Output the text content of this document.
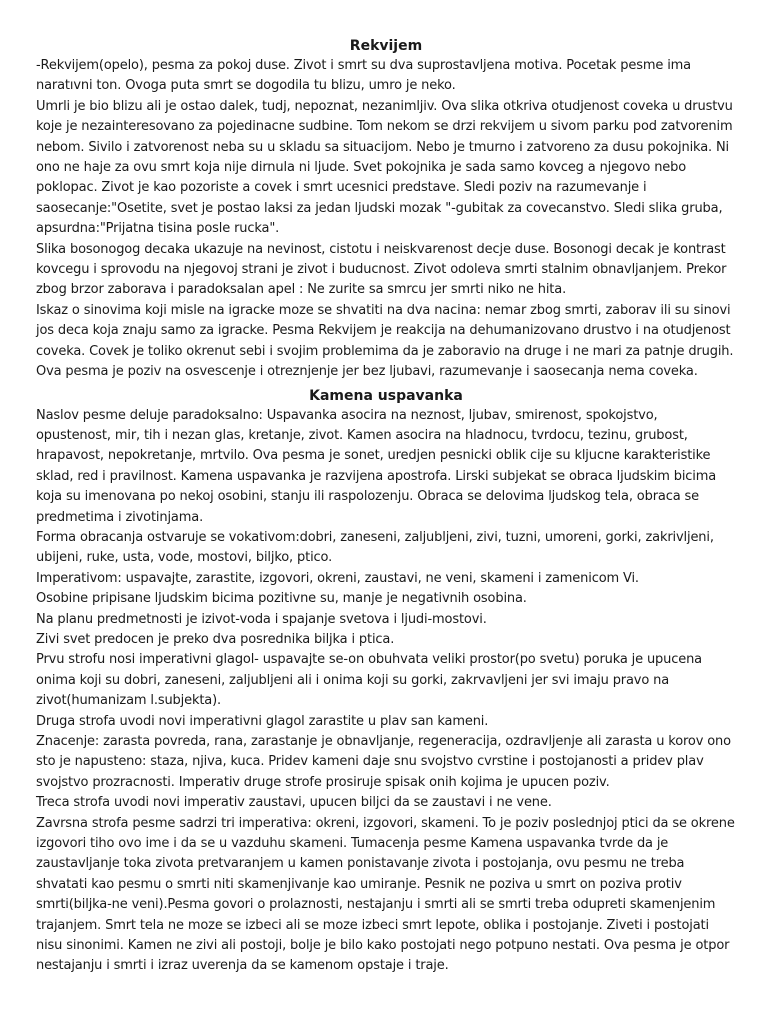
Rekvijem

-Rekvijem(opelo), pesma za pokoj duse. Zivot i smrt su dva suprostavljena motiva. Pocetak pesme ima naratıvni ton. Ovoga puta smrt se dogodila tu blizu, umro je neko.

Umrli je bio blizu ali je ostao dalek, tudj, nepoznat, nezanimljiv. Ova slika otkriva otudjenost coveka u drustvu koje je nezainteresovano za pojedinacne sudbine. Tom nekom se drzi rekvijem u sivom parku pod zatvorenim nebom. Sivilo i zatvorenost neba su u skladu sa situacijom. Nebo je tmurno i zatvoreno za dusu pokojnika. Ni ono ne haje za ovu smrt koja nije dirnula ni ljude. Svet pokojnika je sada samo kovceg a njegovo nebo poklopac. Zivot je kao pozoriste a covek i smrt ucesnici predstave. Sledi poziv na razumevanje i saosecanje:"Osetite, svet je postao laksi za jedan ljudski mozak "-gubitak za covecanstvo. Sledi slika gruba, apsurdna:"Prijatna tisina posle rucka".

Slika bosonogog decaka ukazuje na nevinost, cistotu i neiskvarenost decje duse. Bosonogi decak je kontrast kovcegu i sprovodu na njegovoj strani je zivot i buducnost. Zivot odoleva smrti stalnim obnavljanjem. Prekor zbog brzor zaborava i paradoksalan apel : Ne zurite sa smrcu jer smrti niko ne hita.

Iskaz o sinovima koji misle na igracke moze se shvatiti na dva nacina: nemar zbog smrti, zaborav ili su sinovi jos deca koja znaju samo za igracke. Pesma Rekvijem je reakcija na dehumanizovano drustvo i na otudjenost coveka. Covek je toliko okrenut sebi i svojim problemima da je zaboravio na druge i ne mari za patnje drugih. Ova pesma je poziv na osvescenje i otreznjenje jer bez ljubavi, razumevanje i saosecanja nema coveka.

Kamena uspavanka

Naslov pesme deluje paradoksalno: Uspavanka asocira na neznost, ljubav, smirenost, spokojstvo, opustenost, mir, tih i nezan glas, kretanje, zivot. Kamen asocira na hladnocu, tvrdocu, tezinu, grubost, hrapavost, nepokretanje, mrtvilo. Ova pesma je sonet, uredjen pesnicki oblik cije su kljucne karakteristike sklad, red i pravilnost. Kamena uspavanka je razvijena apostrofa. Lirski subjekat se obraca ljudskim bicima koja su imenovana po nekoj osobini, stanju ili raspolozenju. Obraca se delovima ljudskog tela, obraca se predmetima i zivotinjama.

Forma obracanja ostvaruje se vokativom:dobri, zaneseni, zaljubljeni, zivi, tuzni, umoreni, gorki, zakrivljeni, ubijeni, ruke, usta, vode, mostovi, biljko, ptico.

Imperativom: uspavajte, zarastite, izgovori, okreni, zaustavi, ne veni, skameni i zamenicom Vi.

Osobine pripisane ljudskim bicima pozitivne su, manje je negativnih osobina.

Na planu predmetnosti je izivot-voda i spajanje svetova i ljudi-mostovi.

Zivi svet predocen je preko dva posrednika biljka i ptica.

Prvu strofu nosi imperativni glagol- uspavajte se-on obuhvata veliki prostor(po svetu) poruka je upucena onima koji su dobri, zaneseni, zaljubljeni ali i onima koji su gorki, zakrvavljeni jer svi imaju pravo na zivot(humanizam l.subjekta).

Druga strofa uvodi novi imperativni glagol zarastite u plav san kameni.

Znacenje: zarasta povreda, rana, zarastanje je obnavljanje, regeneracija, ozdravljenje ali zarasta u korov ono sto je napusteno: staza, njiva, kuca. Pridev kameni daje snu svojstvo cvrstine i postojanosti a pridev plav svojstvo prozracnosti. Imperativ druge strofe prosiruje spisak onih kojima je upucen poziv.

Treca strofa uvodi novi imperativ zaustavi, upucen biljci da se zaustavi i ne vene.

Zavrsna strofa pesme sadrzi tri imperativa: okreni, izgovori, skameni. To je poziv poslednjoj ptici da se okrene izgovori tiho ovo ime i da se u vazduhu skameni. Tumacenja pesme Kamena uspavanka tvrde da je zaustavljanje toka zivota pretvaranjem u kamen ponistavanje zivota i postojanja, ovu pesmu ne treba shvatati kao pesmu o smrti niti skamenjivanje kao umiranje. Pesnik ne poziva u smrt on poziva protiv smrti(biljka-ne veni).Pesma govori o prolaznosti, nestajanju i smrti ali se smrti treba odupreti skamenjenim trajanjem. Smrt tela ne moze se izbeci ali se moze izbeci smrt lepote, oblika i postojanje. Ziveti i postojati nisu sinonimi. Kamen ne zivi ali postoji, bolje je bilo kako postojati nego potpuno nestati. Ova pesma je otpor nestajanju i smrti i izraz uverenja da se kamenom opstaje i traje.
